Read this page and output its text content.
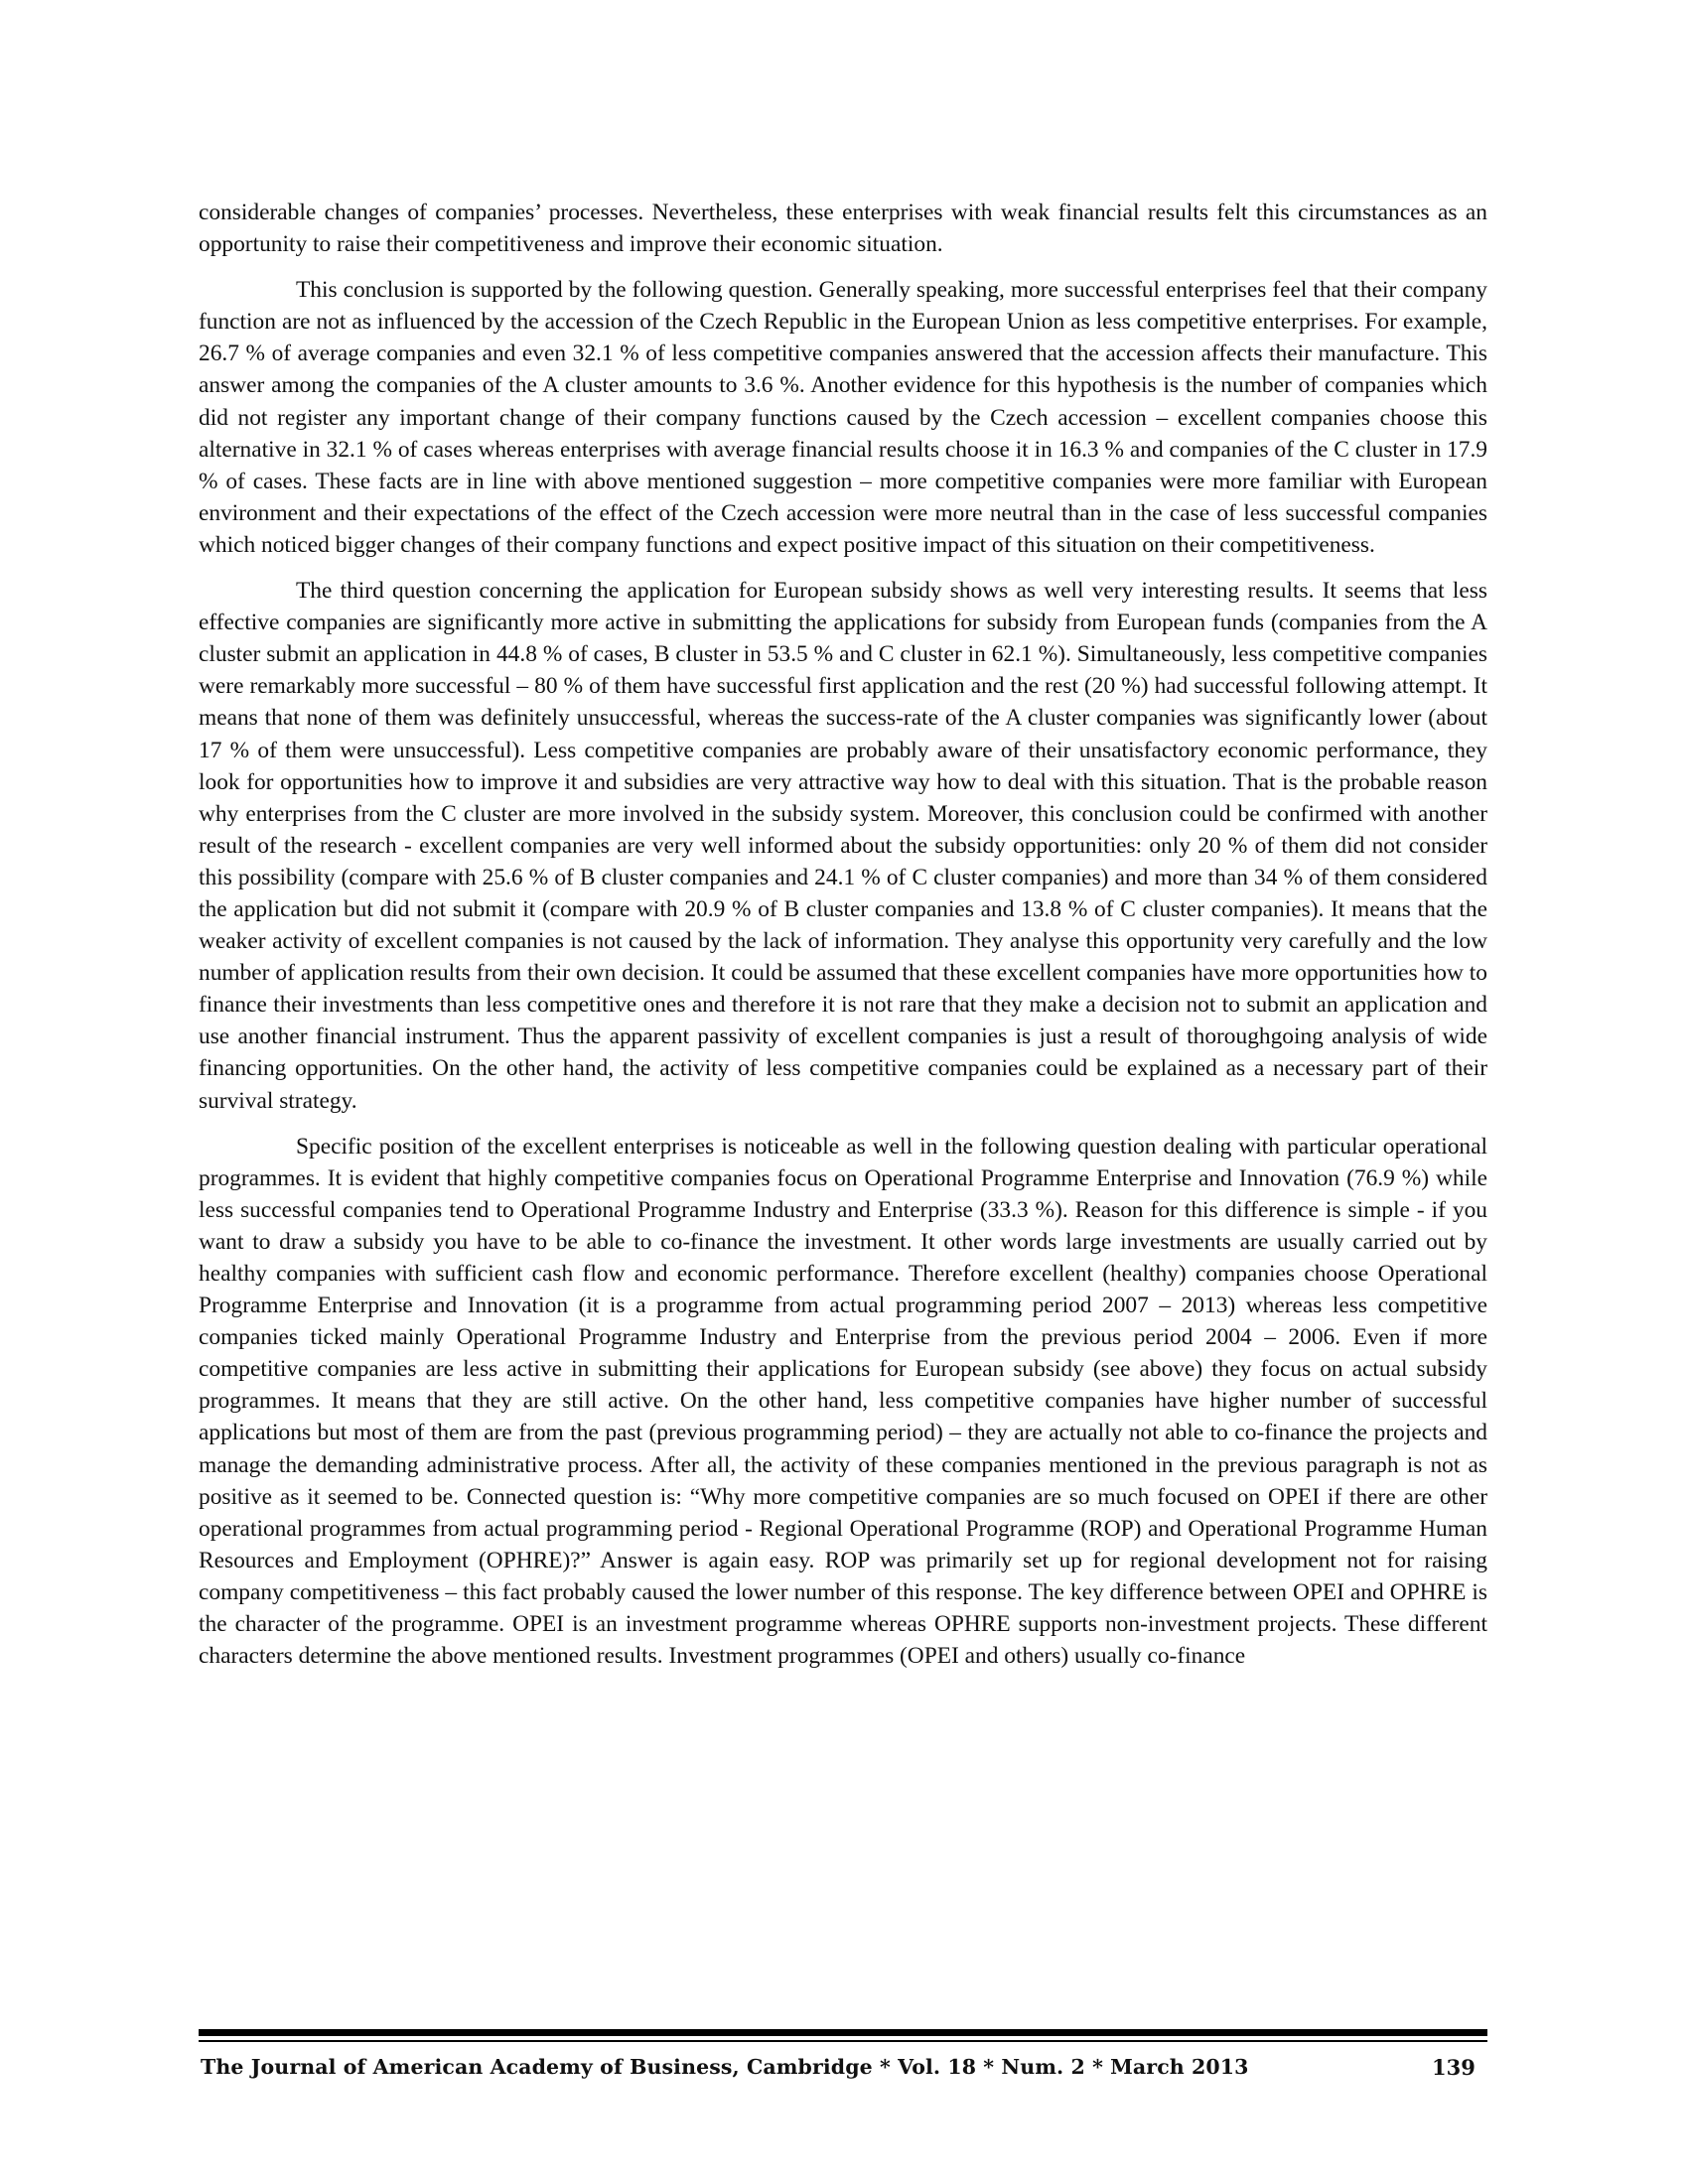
considerable changes of companies’ processes. Nevertheless, these enterprises with weak financial results felt this circumstances as an opportunity to raise their competitiveness and improve their economic situation.

This conclusion is supported by the following question. Generally speaking, more successful enterprises feel that their company function are not as influenced by the accession of the Czech Republic in the European Union as less competitive enterprises. For example, 26.7 % of average companies and even 32.1 % of less competitive companies answered that the accession affects their manufacture. This answer among the companies of the A cluster amounts to 3.6 %. Another evidence for this hypothesis is the number of companies which did not register any important change of their company functions caused by the Czech accession – excellent companies choose this alternative in 32.1 % of cases whereas enterprises with average financial results choose it in 16.3 % and companies of the C cluster in 17.9 % of cases. These facts are in line with above mentioned suggestion – more competitive companies were more familiar with European environment and their expectations of the effect of the Czech accession were more neutral than in the case of less successful companies which noticed bigger changes of their company functions and expect positive impact of this situation on their competitiveness.

The third question concerning the application for European subsidy shows as well very interesting results. It seems that less effective companies are significantly more active in submitting the applications for subsidy from European funds (companies from the A cluster submit an application in 44.8 % of cases, B cluster in 53.5 % and C cluster in 62.1 %). Simultaneously, less competitive companies were remarkably more successful – 80 % of them have successful first application and the rest (20 %) had successful following attempt. It means that none of them was definitely unsuccessful, whereas the success-rate of the A cluster companies was significantly lower (about 17 % of them were unsuccessful). Less competitive companies are probably aware of their unsatisfactory economic performance, they look for opportunities how to improve it and subsidies are very attractive way how to deal with this situation. That is the probable reason why enterprises from the C cluster are more involved in the subsidy system. Moreover, this conclusion could be confirmed with another result of the research - excellent companies are very well informed about the subsidy opportunities: only 20 % of them did not consider this possibility (compare with 25.6 % of B cluster companies and 24.1 % of C cluster companies) and more than 34 % of them considered the application but did not submit it (compare with 20.9 % of B cluster companies and 13.8 % of C cluster companies). It means that the weaker activity of excellent companies is not caused by the lack of information. They analyse this opportunity very carefully and the low number of application results from their own decision. It could be assumed that these excellent companies have more opportunities how to finance their investments than less competitive ones and therefore it is not rare that they make a decision not to submit an application and use another financial instrument. Thus the apparent passivity of excellent companies is just a result of thoroughgoing analysis of wide financing opportunities. On the other hand, the activity of less competitive companies could be explained as a necessary part of their survival strategy.

Specific position of the excellent enterprises is noticeable as well in the following question dealing with particular operational programmes. It is evident that highly competitive companies focus on Operational Programme Enterprise and Innovation (76.9 %) while less successful companies tend to Operational Programme Industry and Enterprise (33.3 %). Reason for this difference is simple - if you want to draw a subsidy you have to be able to co-finance the investment. It other words large investments are usually carried out by healthy companies with sufficient cash flow and economic performance. Therefore excellent (healthy) companies choose Operational Programme Enterprise and Innovation (it is a programme from actual programming period 2007 – 2013) whereas less competitive companies ticked mainly Operational Programme Industry and Enterprise from the previous period 2004 – 2006. Even if more competitive companies are less active in submitting their applications for European subsidy (see above) they focus on actual subsidy programmes. It means that they are still active. On the other hand, less competitive companies have higher number of successful applications but most of them are from the past (previous programming period) – they are actually not able to co-finance the projects and manage the demanding administrative process. After all, the activity of these companies mentioned in the previous paragraph is not as positive as it seemed to be. Connected question is: “Why more competitive companies are so much focused on OPEI if there are other operational programmes from actual programming period - Regional Operational Programme (ROP) and Operational Programme Human Resources and Employment (OPHRE)?” Answer is again easy. ROP was primarily set up for regional development not for raising company competitiveness – this fact probably caused the lower number of this response. The key difference between OPEI and OPHRE is the character of the programme. OPEI is an investment programme whereas OPHRE supports non-investment projects. These different characters determine the above mentioned results. Investment programmes (OPEI and others) usually co-finance

The Journal of American Academy of Business, Cambridge * Vol. 18 * Num. 2 * March 2013	139
